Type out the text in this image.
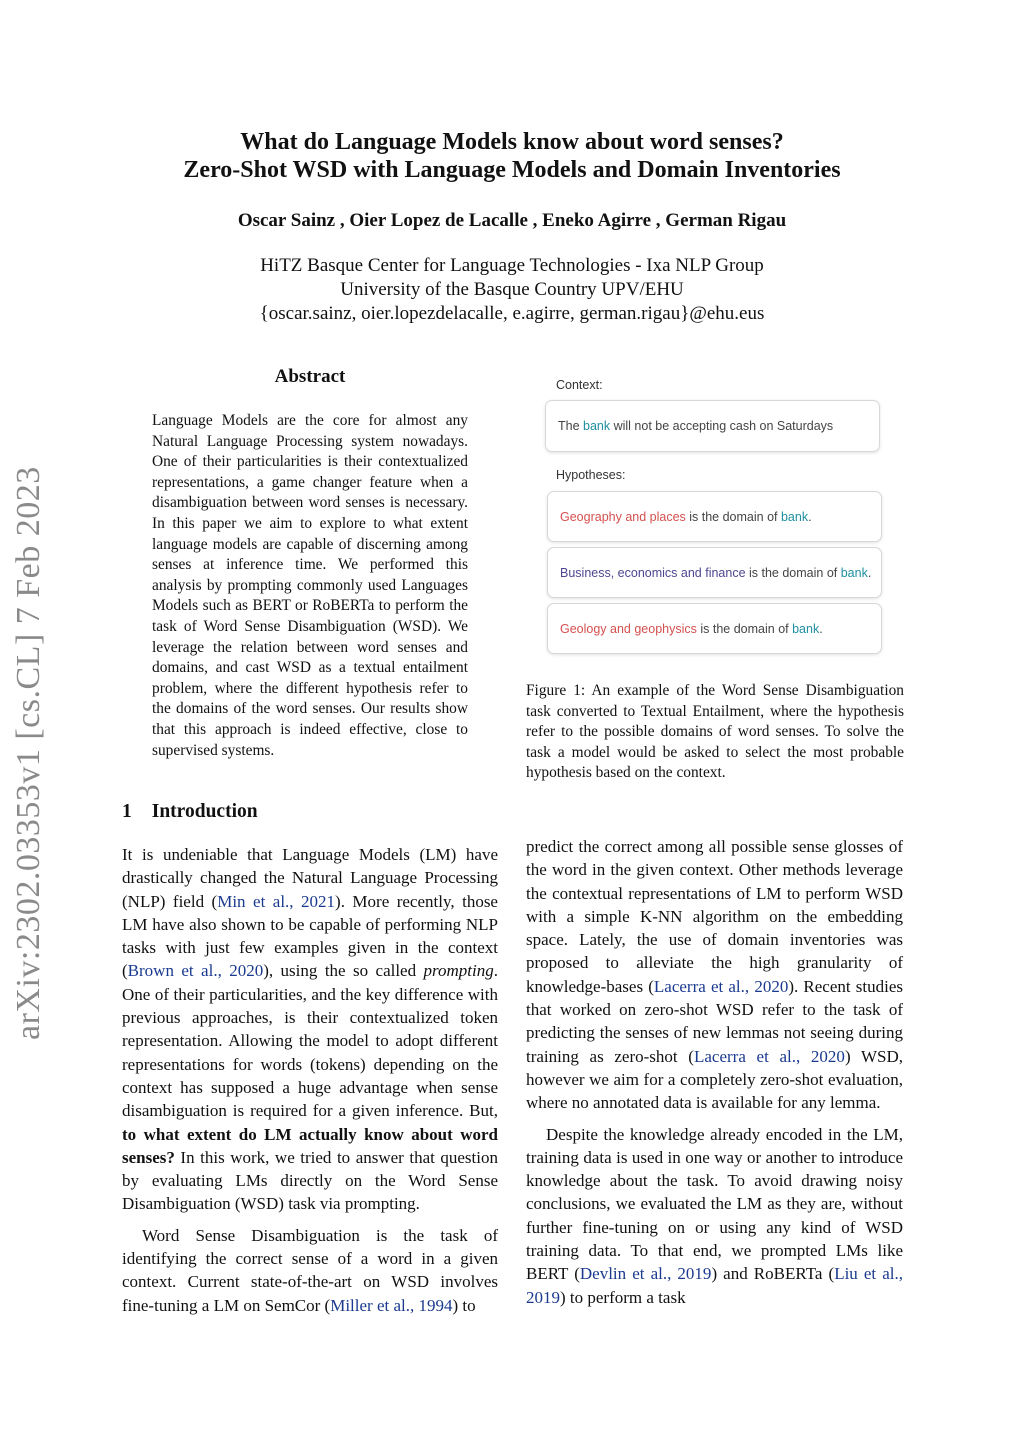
What do Language Models know about word senses?
Zero-Shot WSD with Language Models and Domain Inventories
Oscar Sainz , Oier Lopez de Lacalle , Eneko Agirre , German Rigau
HiTZ Basque Center for Language Technologies - Ixa NLP Group
University of the Basque Country UPV/EHU
{oscar.sainz, oier.lopezdelacalle, e.agirre, german.rigau}@ehu.eus
arXiv:2302.03353v1 [cs.CL] 7 Feb 2023
Abstract
Language Models are the core for almost any Natural Language Processing system nowadays. One of their particularities is their contextualized representations, a game changer feature when a disambiguation between word senses is necessary. In this paper we aim to explore to what extent language models are capable of discerning among senses at inference time. We performed this analysis by prompting commonly used Languages Models such as BERT or RoBERTa to perform the task of Word Sense Disambiguation (WSD). We leverage the relation between word senses and domains, and cast WSD as a textual entailment problem, where the different hypothesis refer to the domains of the word senses. Our results show that this approach is indeed effective, close to supervised systems.
Context:
The bank will not be accepting cash on Saturdays
Hypotheses:
Geography and places is the domain of bank.
Business, economics and finance is the domain of bank.
Geology and geophysics is the domain of bank.
Figure 1: An example of the Word Sense Disambiguation task converted to Textual Entailment, where the hypothesis refer to the possible domains of word senses. To solve the task a model would be asked to select the most probable hypothesis based on the context.
1 Introduction

It is undeniable that Language Models (LM) have drastically changed the Natural Language Processing (NLP) field (Min et al., 2021). More recently, those LM have also shown to be capable of performing NLP tasks with just few examples given in the context (Brown et al., 2020), using the so called prompting. One of their particularities, and the key difference with previous approaches, is their contextualized token representation. Allowing the model to adopt different representations for words (tokens) depending on the context has supposed a huge advantage when sense disambiguation is required for a given inference. But, to what extent do LM actually know about word senses? In this work, we tried to answer that question by evaluating LMs directly on the Word Sense Disambiguation (WSD) task via prompting.

Word Sense Disambiguation is the task of identifying the correct sense of a word in a given context. Current state-of-the-art on WSD involves fine-tuning a LM on SemCor (Miller et al., 1994) to

predict the correct among all possible sense glosses of the word in the given context. Other methods leverage the contextual representations of LM to perform WSD with a simple K-NN algorithm on the embedding space. Lately, the use of domain inventories was proposed to alleviate the high granularity of knowledge-bases (Lacerra et al., 2020). Recent studies that worked on zero-shot WSD refer to the task of predicting the senses of new lemmas not seeing during training as zero-shot (Lacerra et al., 2020) WSD, however we aim for a completely zero-shot evaluation, where no annotated data is available for any lemma.

Despite the knowledge already encoded in the LM, training data is used in one way or another to introduce knowledge about the task. To avoid drawing noisy conclusions, we evaluated the LM as they are, without further fine-tuning on or using any kind of WSD training data. To that end, we prompted LMs like BERT (Devlin et al., 2019) and RoBERTa (Liu et al., 2019) to perform a task
